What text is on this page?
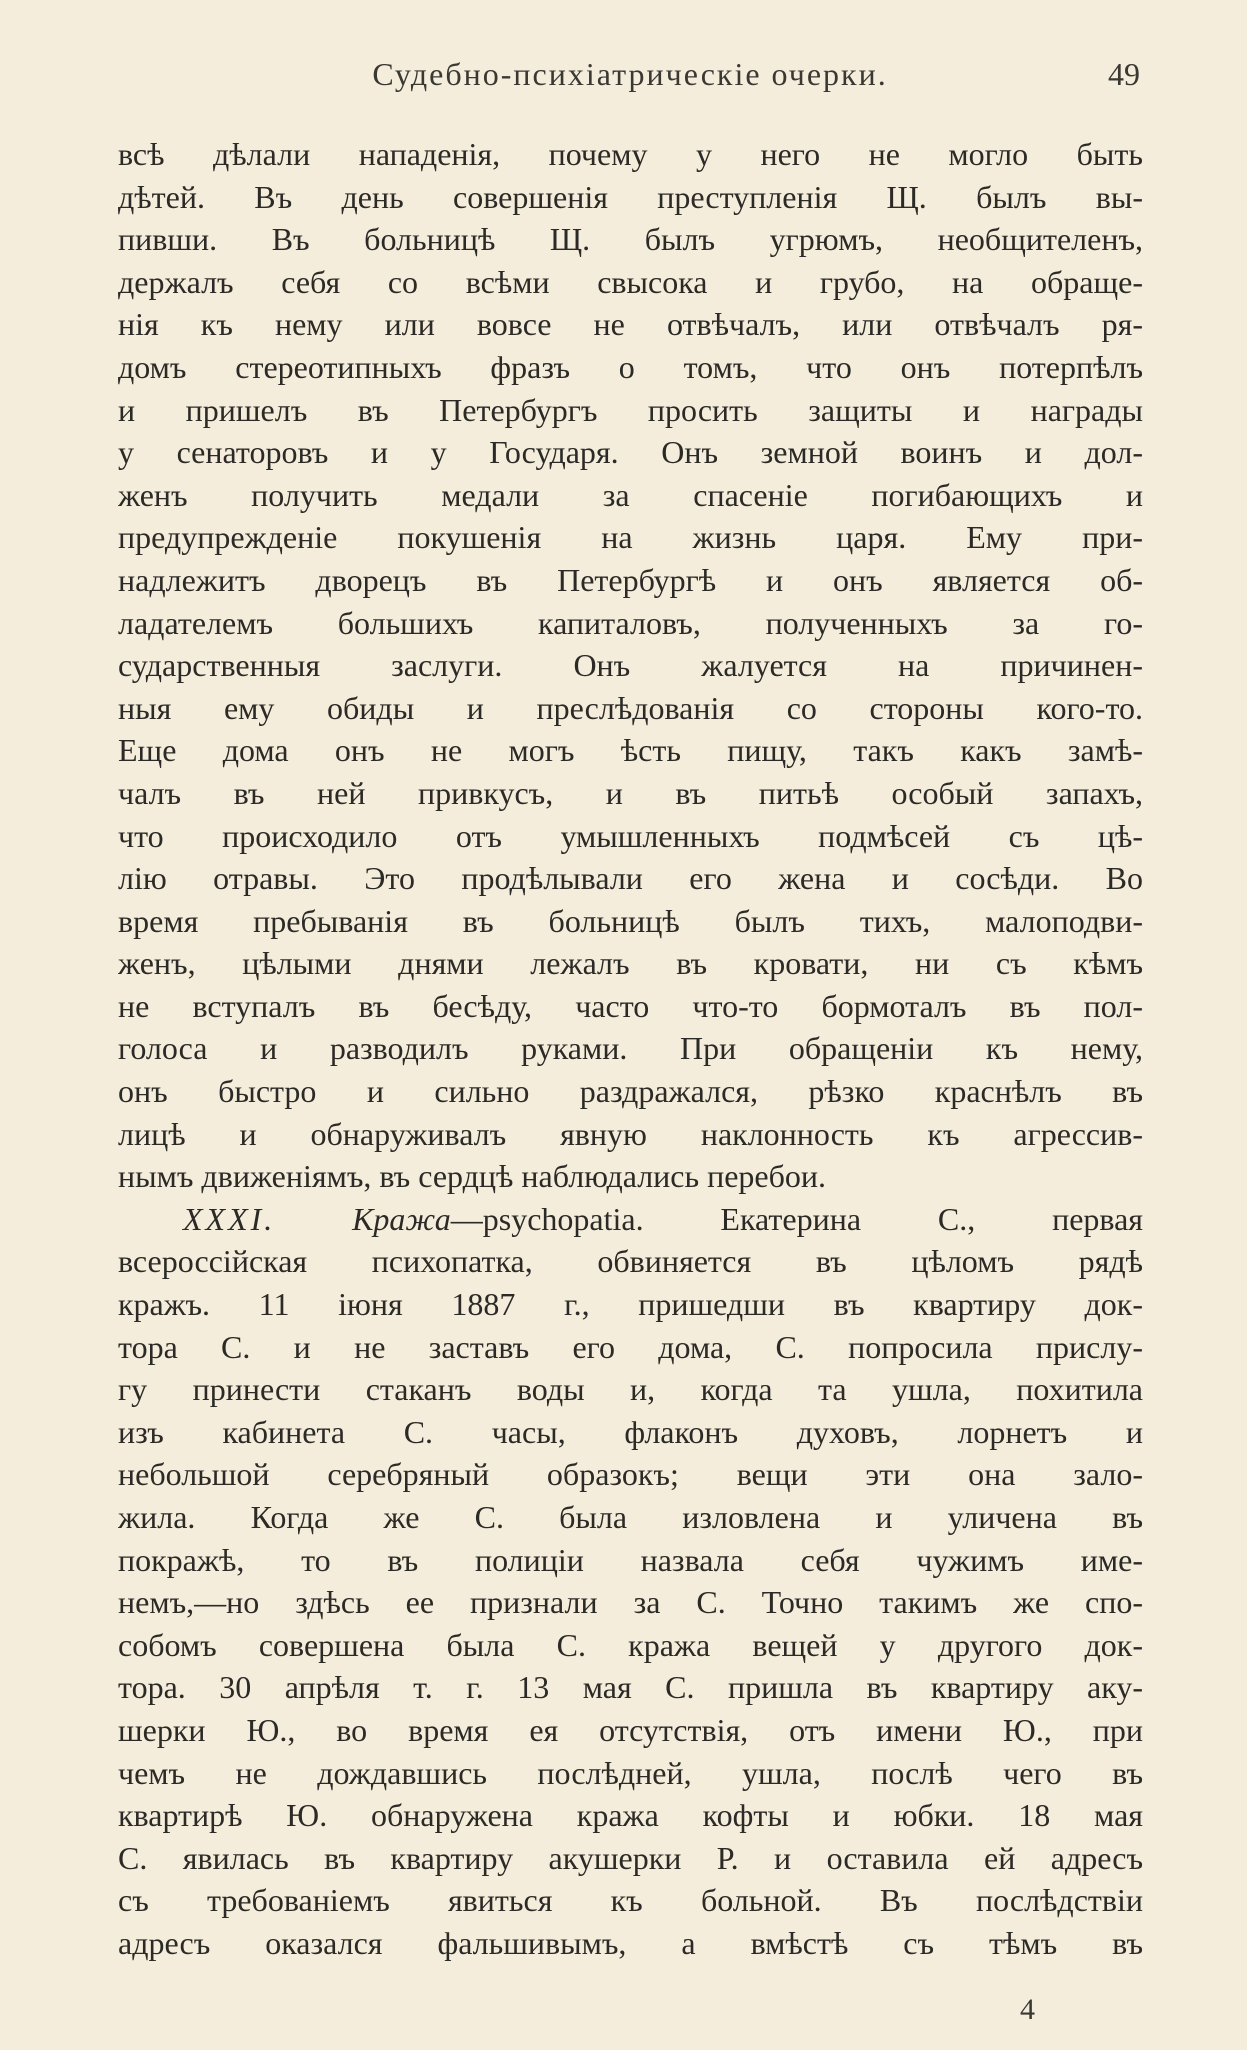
Судебно-психіатрическіе очерки.	49
всѣ дѣлали нападенія, почему у него не могло быть
дѣтей. Въ день совершенія преступленія Щ. былъ вы-
пивши. Въ больницѣ Щ. былъ угрюмъ, необщителенъ,
держалъ себя со всѣми свысока и грубо, на обраще-
нія къ нему или вовсе не отвѣчалъ, или отвѣчалъ ря-
домъ стереотипныхъ фразъ о томъ, что онъ потерпѣлъ
и пришелъ въ Петербургъ просить защиты и награды
у сенаторовъ и у Государя. Онъ земной воинъ и дол-
женъ получить медали за спасеніе погибающихъ и
предупрежденіе покушенія на жизнь царя. Ему при-
надлежитъ дворецъ въ Петербургѣ и онъ является об-
ладателемъ большихъ капиталовъ, полученныхъ за го-
сударственныя заслуги. Онъ жалуется на причинен-
ныя ему обиды и преслѣдованія со стороны кого-то.
Еще дома онъ не могъ ѣсть пищу, такъ какъ замѣ-
чалъ въ ней привкусъ, и въ питьѣ особый запахъ,
что происходило отъ умышленныхъ подмѣсей съ цѣ-
лію отравы. Это продѣлывали его жена и сосѣди. Во
время пребыванія въ больницѣ былъ тихъ, малоподви-
женъ, цѣлыми днями лежалъ въ кровати, ни съ кѣмъ
не вступалъ въ бесѣду, часто что-то бормоталъ въ пол-
голоса и разводилъ руками. При обращеніи къ нему,
онъ быстро и сильно раздражался, рѣзко краснѣлъ въ
лицѣ и обнаруживалъ явную наклонность къ агрессив-
нымъ движеніямъ, въ сердцѣ наблюдались перебои.
XXXI. Кража—psychopatia. Екатерина С., первая
всероссійская психопатка, обвиняется въ цѣломъ рядѣ
кражъ. 11 іюня 1887 г., пришедши въ квартиру док-
тора С. и не заставъ его дома, С. попросила прислу-
гу принести стаканъ воды и, когда та ушла, похитила
изъ кабинета С. часы, флаконъ духовъ, лорнетъ и
небольшой серебряный образокъ; вещи эти она зало-
жила. Когда же С. была изловлена и уличена въ
покражѣ, то въ полиціи назвала себя чужимъ име-
немъ,—но здѣсь ее признали за С. Точно такимъ же спо-
собомъ совершена была С. кража вещей у другого док-
тора. 30 апрѣля т. г. 13 мая С. пришла въ квартиру аку-
шерки Ю., во время ея отсутствія, отъ имени Ю., при
чемъ не дождавшись послѣдней, ушла, послѣ чего въ
квартирѣ Ю. обнаружена кража кофты и юбки. 18 мая
С. явилась въ квартиру акушерки Р. и оставила ей адресъ
съ требованіемъ явиться къ больной. Въ послѣдствіи
адресъ оказался фальшивымъ, а вмѣстѣ съ тѣмъ въ
4
